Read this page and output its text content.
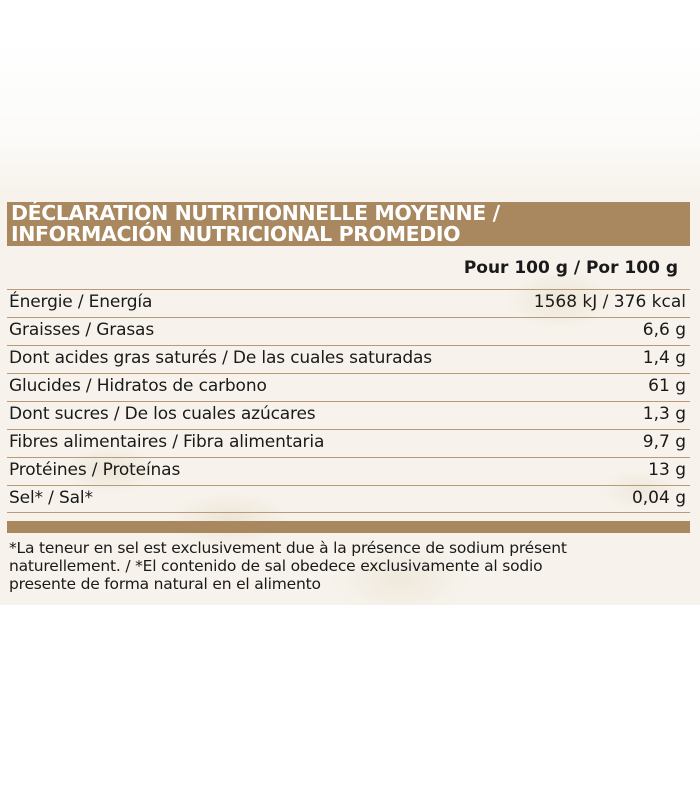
DÉCLARATION NUTRITIONNELLE MOYENNE /
INFORMACIÓN NUTRICIONAL PROMEDIO
Pour 100 g / Por 100 g
Énergie / Energía	1568 kJ / 376 kcal
Graisses / Grasas	6,6 g
Dont acides gras saturés / De las cuales saturadas	1,4 g
Glucides / Hidratos de carbono	61 g
Dont sucres / De los cuales azúcares	1,3 g
Fibres alimentaires / Fibra alimentaria	9,7 g
Protéines / Proteínas	13 g
Sel* / Sal*	0,04 g
*La teneur en sel est exclusivement due à la présence de sodium présent
naturellement. / *El contenido de sal obedece exclusivamente al sodio
presente de forma natural en el alimento
